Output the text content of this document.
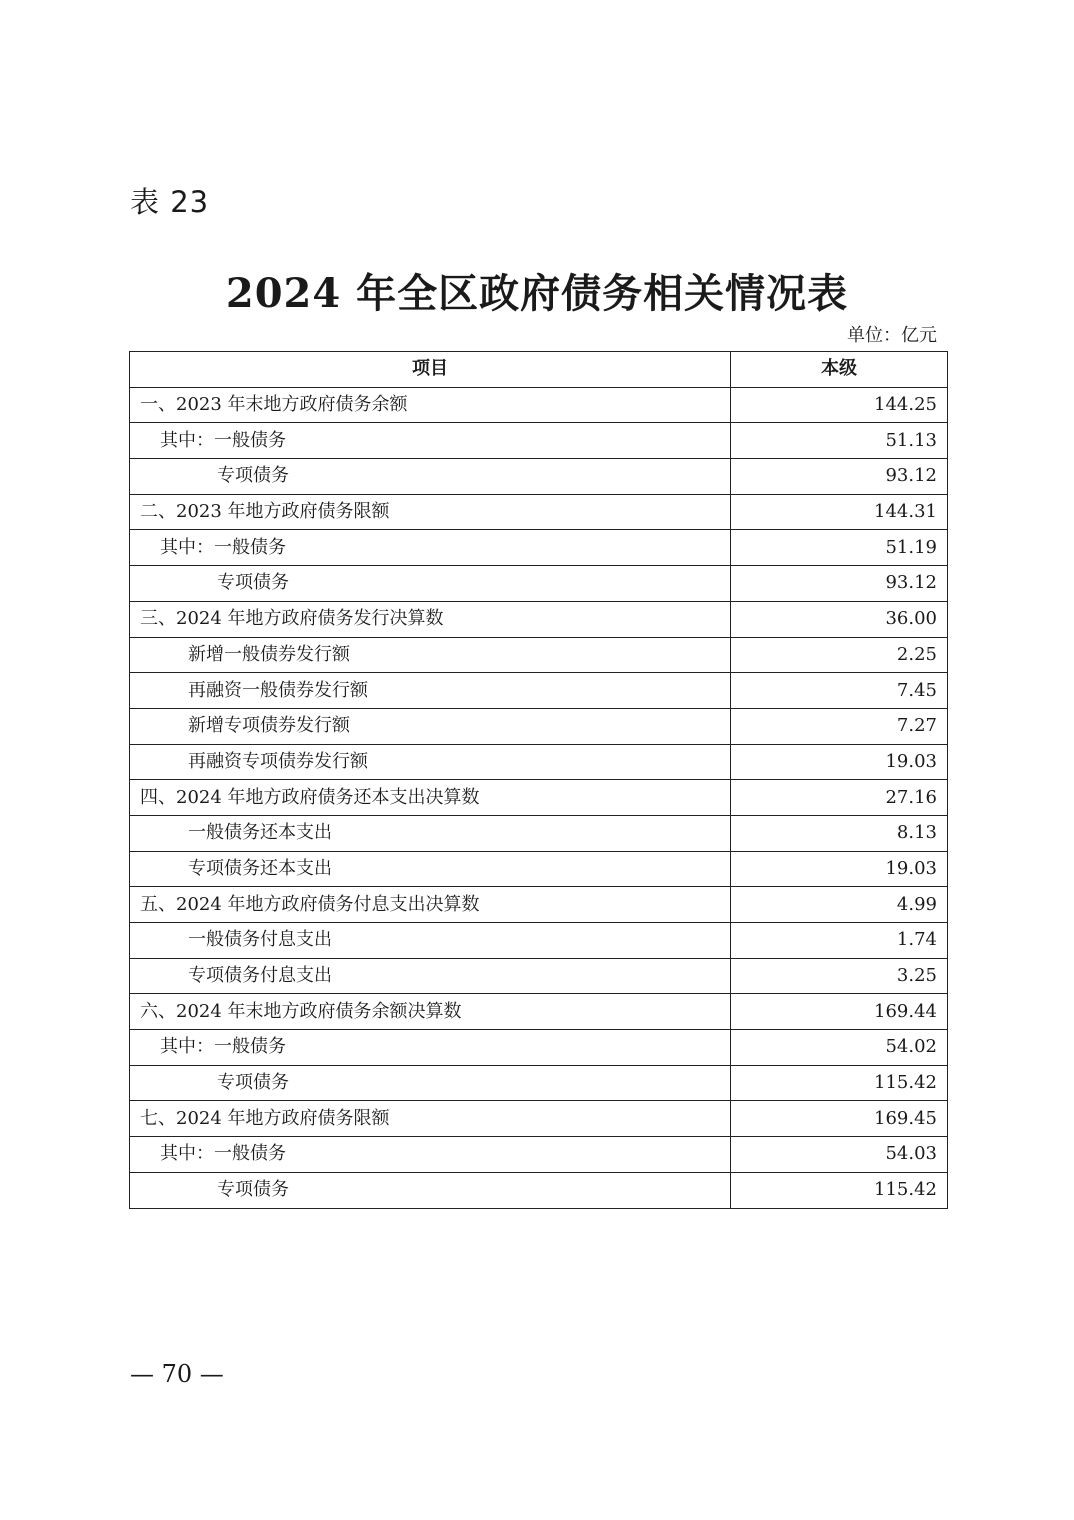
表 23
2024 年全区政府债务相关情况表
单位：亿元
项目	本级
一、2023 年末地方政府债务余额	144.25
其中：一般债务	51.13
专项债务	93.12
二、2023 年地方政府债务限额	144.31
其中：一般债务	51.19
专项债务	93.12
三、2024 年地方政府债务发行决算数	36.00
新增一般债券发行额	2.25
再融资一般债券发行额	7.45
新增专项债券发行额	7.27
再融资专项债券发行额	19.03
四、2024 年地方政府债务还本支出决算数	27.16
一般债务还本支出	8.13
专项债务还本支出	19.03
五、2024 年地方政府债务付息支出决算数	4.99
一般债务付息支出	1.74
专项债务付息支出	3.25
六、2024 年末地方政府债务余额决算数	169.44
其中：一般债务	54.02
专项债务	115.42
七、2024 年地方政府债务限额	169.45
其中：一般债务	54.03
专项债务	115.42
— 70 —
